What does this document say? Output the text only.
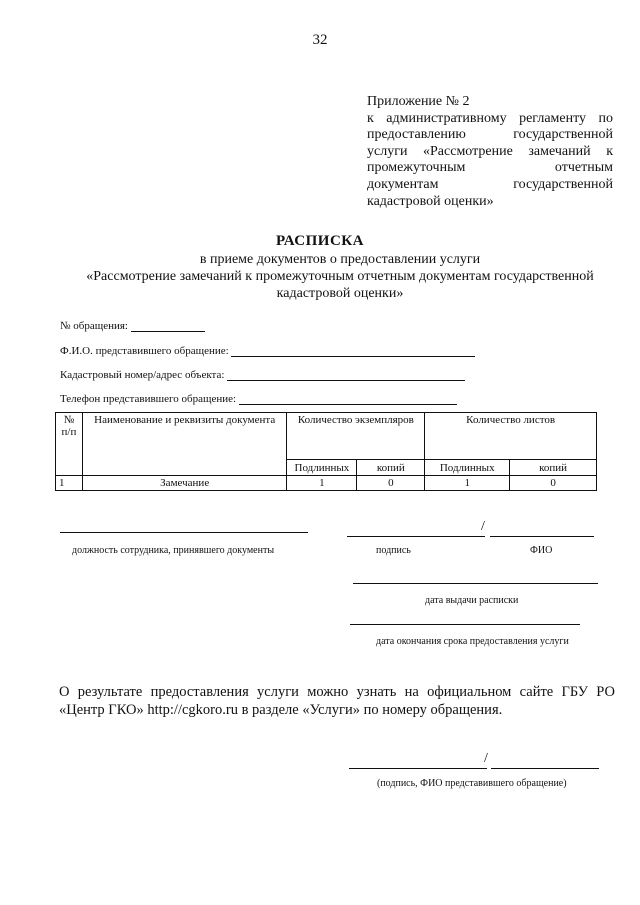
32
Приложение № 2
к административному регламенту по
предоставлению государственной
услуги «Рассмотрение замечаний к
промежуточным отчетным
документам государственной
кадастровой оценки»
РАСПИСКА
в приеме документов о предоставлении услуги
«Рассмотрение замечаний к промежуточным отчетным документам государственной
кадастровой оценки»
№ обращения:
Ф.И.О. представившего обращение:
Кадастровый номер/адрес объекта:
Телефон представившего обращение:
№ п/п	Наименование и реквизиты документа	Количество экземпляров		Количество листов	
		Подлинных	копий	Подлинных	копий
1	Замечание	1	0	1	0
должность сотрудника, принявшего документы
/
подпись	ФИО
дата выдачи расписки
дата окончания срока предоставления услуги
О результате предоставления услуги можно узнать на официальном сайте ГБУ РО
«Центр ГКО» http://cgkoro.ru в разделе «Услуги» по номеру обращения.
/
(подпись, ФИО представившего обращение)
